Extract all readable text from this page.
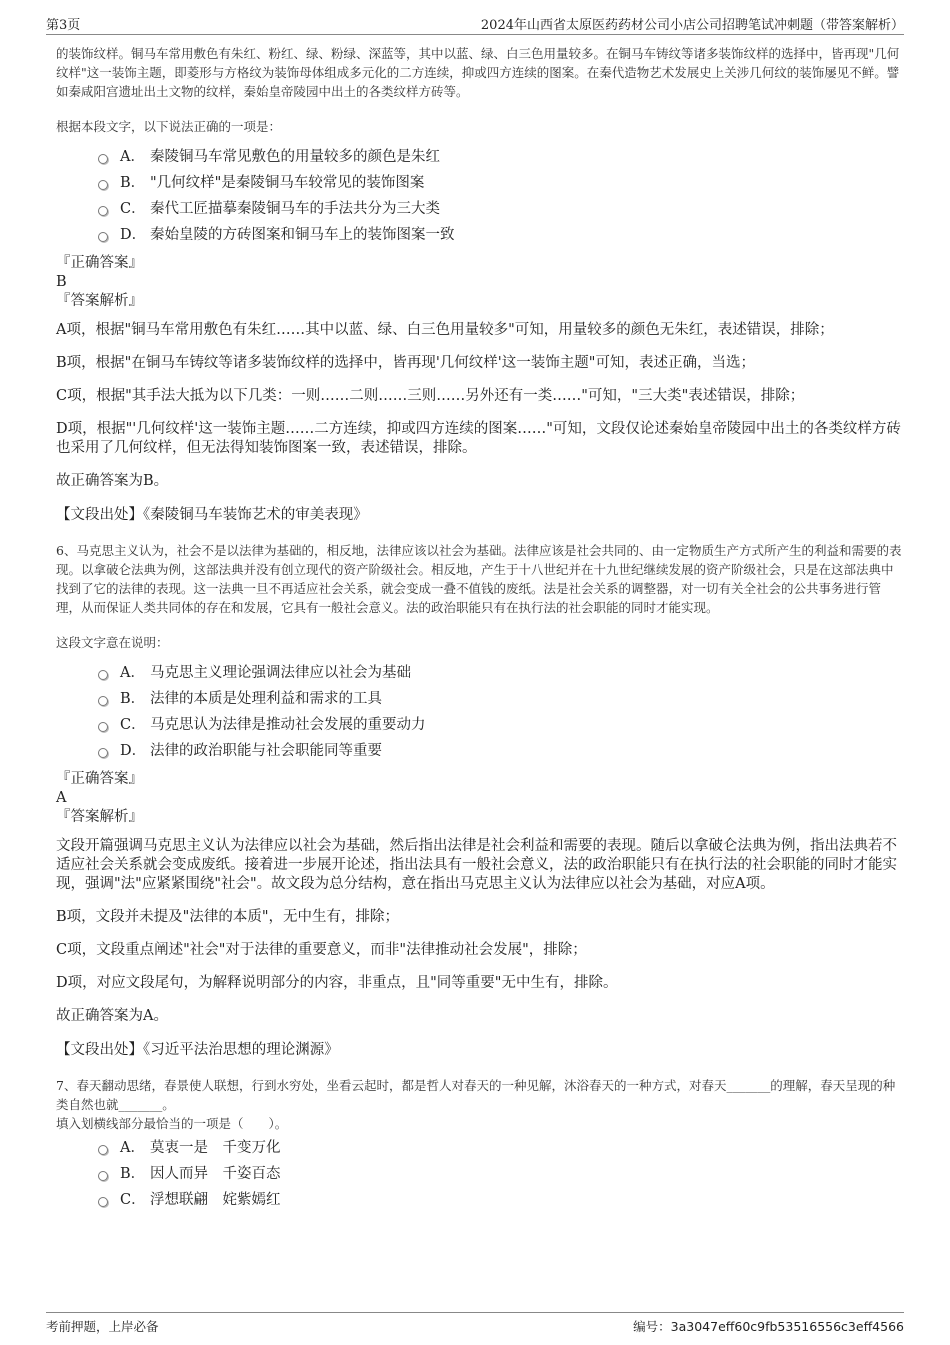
第3页	2024年山西省太原医药药材公司小店公司招聘笔试冲刺题（带答案解析）

的装饰纹样。铜马车常用敷色有朱红、粉红、绿、粉绿、深蓝等，其中以蓝、绿、白三色用量较多。在铜马车铸纹等诸多装饰纹样的选择中，皆再现"几何纹样"这一装饰主题，即菱形与方格纹为装饰母体组成多元化的二方连续，抑或四方连续的图案。在秦代造物艺术发展史上关涉几何纹的装饰屡见不鲜。譬如秦咸阳宫遗址出土文物的纹样，秦始皇帝陵园中出土的各类纹样方砖等。

根据本段文字，以下说法正确的一项是：

A． 秦陵铜马车常见敷色的用量较多的颜色是朱红
B． "几何纹样"是秦陵铜马车较常见的装饰图案
C． 秦代工匠描摹秦陵铜马车的手法共分为三大类
D． 秦始皇陵的方砖图案和铜马车上的装饰图案一致

『正确答案』

B

『答案解析』

A项，根据"铜马车常用敷色有朱红……其中以蓝、绿、白三色用量较多"可知，用量较多的颜色无朱红，表述错误，排除；

B项，根据"在铜马车铸纹等诸多装饰纹样的选择中，皆再现'几何纹样'这一装饰主题"可知，表述正确，当选；

C项，根据"其手法大抵为以下几类：一则……二则……三则……另外还有一类……"可知，"三大类"表述错误，排除；

D项，根据"'几何纹样'这一装饰主题……二方连续，抑或四方连续的图案……"可知，文段仅论述秦始皇帝陵园中出土的各类纹样方砖也采用了几何纹样，但无法得知装饰图案一致，表述错误，排除。

故正确答案为B。

【文段出处】《秦陵铜马车装饰艺术的审美表现》

6、马克思主义认为，社会不是以法律为基础的，相反地，法律应该以社会为基础。法律应该是社会共同的、由一定物质生产方式所产生的利益和需要的表现。以拿破仑法典为例，这部法典并没有创立现代的资产阶级社会。相反地，产生于十八世纪并在十九世纪继续发展的资产阶级社会，只是在这部法典中找到了它的法律的表现。这一法典一旦不再适应社会关系，就会变成一叠不值钱的废纸。法是社会关系的调整器，对一切有关全社会的公共事务进行管理，从而保证人类共同体的存在和发展，它具有一般社会意义。法的政治职能只有在执行法的社会职能的同时才能实现。

这段文字意在说明：

A． 马克思主义理论强调法律应以社会为基础
B． 法律的本质是处理利益和需求的工具
C． 马克思认为法律是推动社会发展的重要动力
D． 法律的政治职能与社会职能同等重要

『正确答案』

A

『答案解析』

文段开篇强调马克思主义认为法律应以社会为基础，然后指出法律是社会利益和需要的表现。随后以拿破仑法典为例，指出法典若不适应社会关系就会变成废纸。接着进一步展开论述，指出法具有一般社会意义，法的政治职能只有在执行法的社会职能的同时才能实现，强调"法"应紧紧围绕"社会"。故文段为总分结构，意在指出马克思主义认为法律应以社会为基础，对应A项。

B项，文段并未提及"法律的本质"，无中生有，排除；

C项，文段重点阐述"社会"对于法律的重要意义，而非"法律推动社会发展"，排除；

D项，对应文段尾句，为解释说明部分的内容，非重点，且"同等重要"无中生有，排除。

故正确答案为A。

【文段出处】《习近平法治思想的理论渊源》

7、春天翻动思绪，春景使人联想，行到水穷处，坐看云起时，都是哲人对春天的一种见解，沐浴春天的一种方式，对春天_______的理解，春天呈现的种类自然也就_______。

填入划横线部分最恰当的一项是（　　）。

A． 莫衷一是　千变万化
B． 因人而异　千姿百态
C． 浮想联翩　姹紫嫣红
考前押题，上岸必备	编号：3a3047eff60c9fb53516556c3eff4566
